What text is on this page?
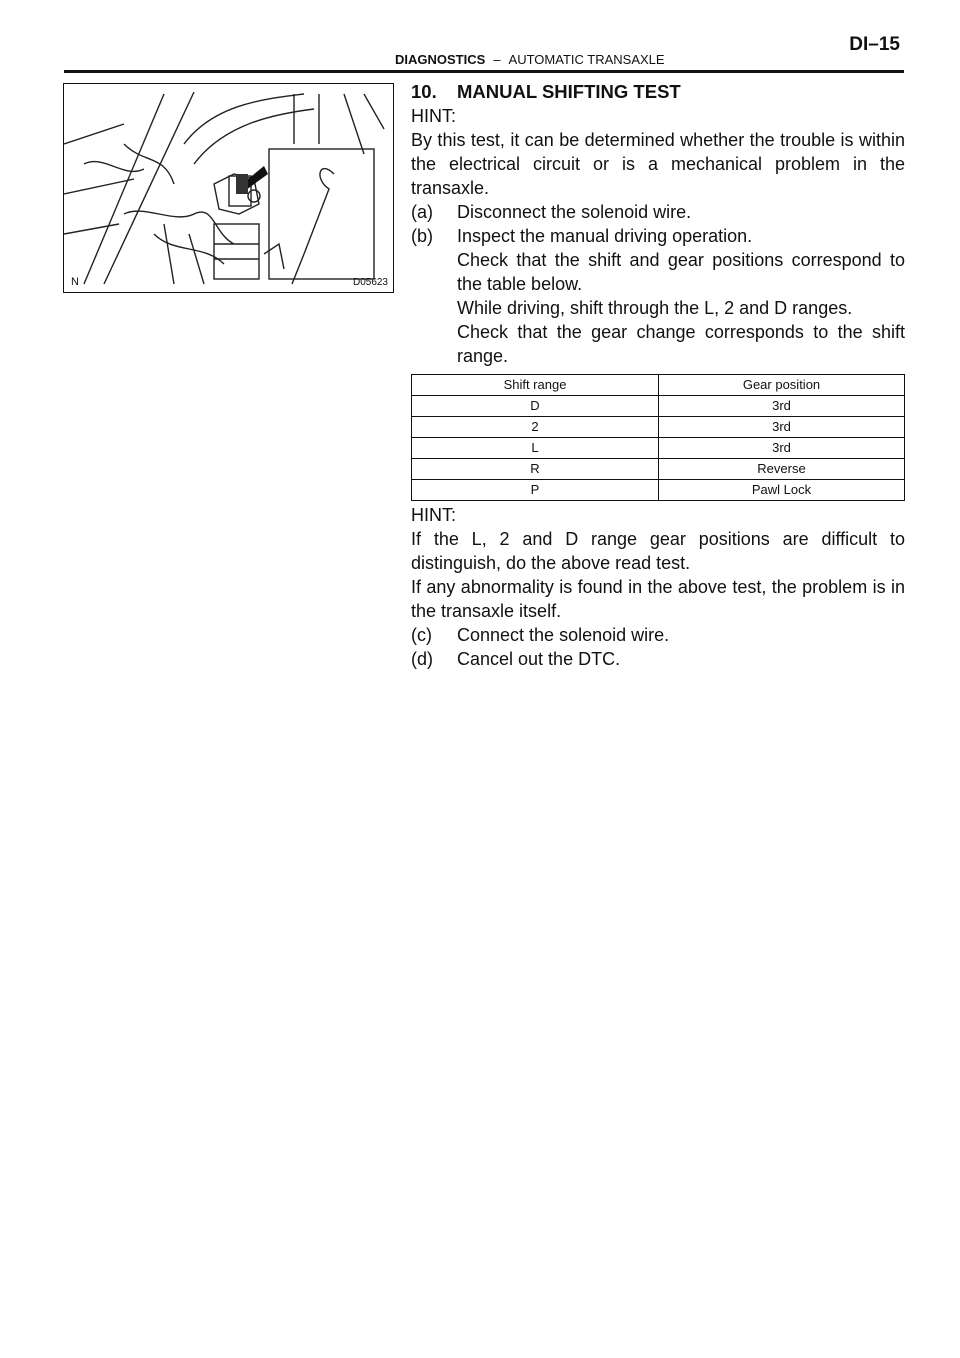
DI–15
DIAGNOSTICS – AUTOMATIC TRANSAXLE
N	D05623

10. MANUAL SHIFTING TEST

HINT:

By this test, it can be determined whether the trouble is within the electrical circuit or is a mechanical problem in the transaxle.

(a)	Disconnect the solenoid wire.
(b)	Inspect the manual driving operation.

Check that the shift and gear positions correspond to the table below.

While driving, shift through the L, 2 and D ranges.

Check that the gear change corresponds to the shift range.

Shift range	Gear position
D	3rd
2	3rd
L	3rd
R	Reverse
P	Pawl Lock

HINT:

If the L, 2 and D range gear positions are difficult to distinguish, do the above read test.

If any abnormality is found in the above test, the problem is in the transaxle itself.

(c)	Connect the solenoid wire.
(d)	Cancel out the DTC.
